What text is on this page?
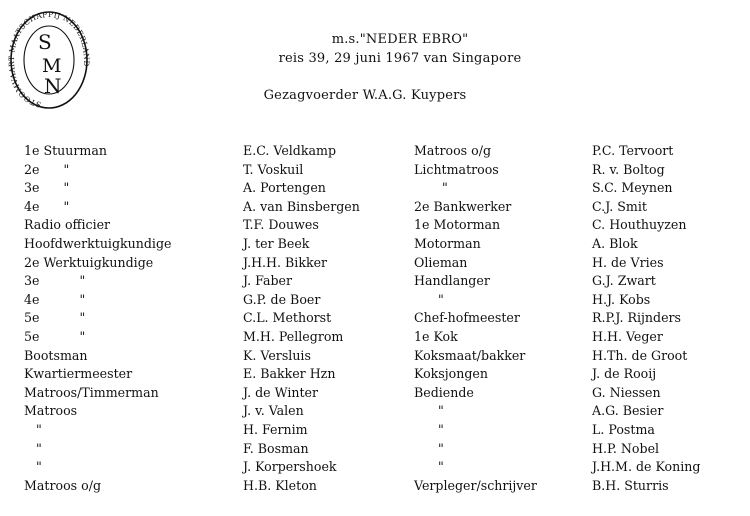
STOOMVAA MAATSCHAPPIJ NEDERLA
S
M
N
m.s."NEDER EBRO"
reis 39, 29 juni 1967 van Singapore
Gezagvoerder W.A.G. Kuypers
1e Stuurman
2e      "
3e      "
4e      "
Radio officier
Hoofdwerktuigkundige
2e Werktuigkundige
3e          "
4e          "
5e          "
5e          "
Bootsman
Kwartiermeester
Matroos/Timmerman
Matroos
"
"
"
Matroos o/g
E.C. Veldkamp
T. Voskuil
A. Portengen
A. van Binsbergen
T.F. Douwes
J. ter Beek
J.H.H. Bikker
J. Faber
G.P. de Boer
C.L. Methorst
M.H. Pellegrom
K. Versluis
E. Bakker Hzn
J. de Winter
J. v. Valen
H. Fernim
F. Bosman
J. Korpershoek
H.B. Kleton
Matroos o/g
Lichtmatroos
"
2e Bankwerker
1e Motorman
Motorman
Olieman
Handlanger
"
Chef-hofmeester
1e Kok
Koksmaat/bakker
Koksjongen
Bediende
"
"
"
"
Verpleger/schrijver
P.C. Tervoort
R. v. Boltog
S.C. Meynen
C.J. Smit
C. Houthuyzen
A. Blok
H. de Vries
G.J. Zwart
H.J. Kobs
R.P.J. Rijnders
H.H. Veger
H.Th. de Groot
J. de Rooij
G. Niessen
A.G. Besier
L. Postma
H.P. Nobel
J.H.M. de Koning
B.H. Sturris
